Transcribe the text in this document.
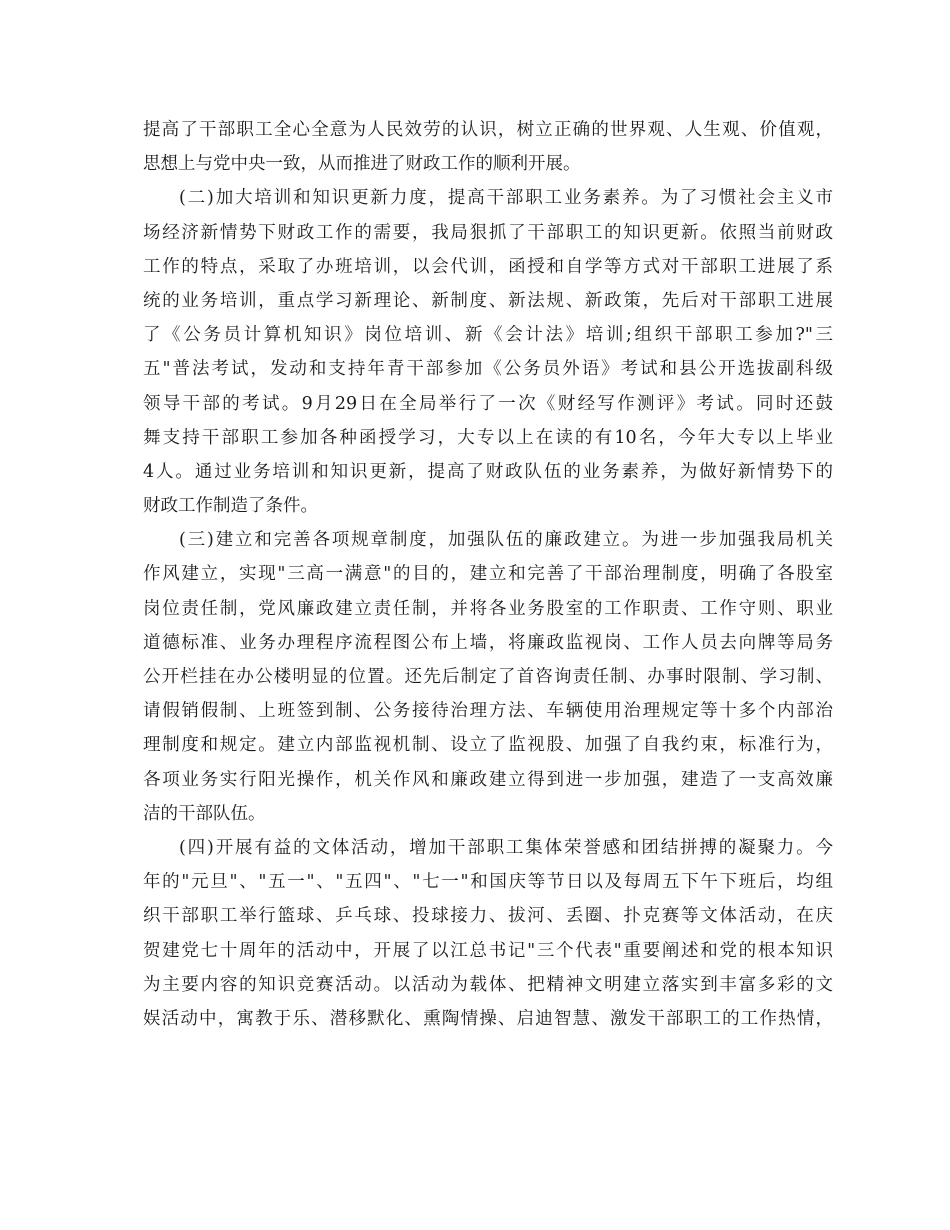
提高了干部职工全心全意为人民效劳的认识，树立正确的世界观、人生观、价值观，
思想上与党中央一致，从而推进了财政工作的顺利开展。
(二)加大培训和知识更新力度，提高干部职工业务素养。为了习惯社会主义市
场经济新情势下财政工作的需要，我局狠抓了干部职工的知识更新。依照当前财政
工作的特点，采取了办班培训，以会代训，函授和自学等方式对干部职工进展了系
统的业务培训，重点学习新理论、新制度、新法规、新政策，先后对干部职工进展
了《公务员计算机知识》岗位培训、新《会计法》培训;组织干部职工参加?"三
五"普法考试，发动和支持年青干部参加《公务员外语》考试和县公开选拔副科级
领导干部的考试。9月29日在全局举行了一次《财经写作测评》考试。同时还鼓
舞支持干部职工参加各种函授学习，大专以上在读的有10名，今年大专以上毕业
4人。通过业务培训和知识更新，提高了财政队伍的业务素养，为做好新情势下的
财政工作制造了条件。
(三)建立和完善各项规章制度，加强队伍的廉政建立。为进一步加强我局机关
作风建立，实现"三高一满意"的目的，建立和完善了干部治理制度，明确了各股室
岗位责任制，党风廉政建立责任制，并将各业务股室的工作职责、工作守则、职业
道德标准、业务办理程序流程图公布上墙，将廉政监视岗、工作人员去向牌等局务
公开栏挂在办公楼明显的位置。还先后制定了首咨询责任制、办事时限制、学习制、
请假销假制、上班签到制、公务接待治理方法、车辆使用治理规定等十多个内部治
理制度和规定。建立内部监视机制、设立了监视股、加强了自我约束，标准行为，
各项业务实行阳光操作，机关作风和廉政建立得到进一步加强，建造了一支高效廉
洁的干部队伍。
(四)开展有益的文体活动，增加干部职工集体荣誉感和团结拼搏的凝聚力。今
年的"元旦"、"五一"、"五四"、"七一"和国庆等节日以及每周五下午下班后，均组
织干部职工举行篮球、乒乓球、投球接力、拔河、丢圈、扑克赛等文体活动，在庆
贺建党七十周年的活动中，开展了以江总书记"三个代表"重要阐述和党的根本知识
为主要内容的知识竞赛活动。以活动为载体、把精神文明建立落实到丰富多彩的文
娱活动中，寓教于乐、潜移默化、熏陶情操、启迪智慧、激发干部职工的工作热情，
